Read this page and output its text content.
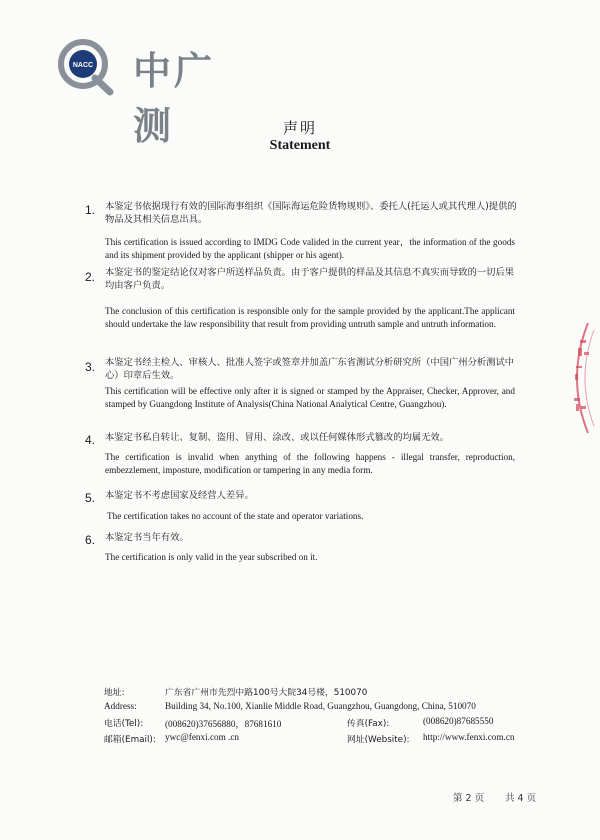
NACC 中广测	声明
Statement
1. 本鉴定书依据现行有效的国际海事组织《国际海运危险货物规则》、委托人(托运人或其代理人)提供的物品及其相关信息出具。
This certification is issued according to IMDG Code valided in the current year，the information of the goods and its shipment provided by the applicant (shipper or his agent).
2. 本鉴定书的鉴定结论仅对客户所送样品负责。由于客户提供的样品及其信息不真实而导致的一切后果均由客户负责。
The conclusion of this certification is responsible only for the sample provided by the applicant.The applicant should undertake the law responsibility that result from providing untruth sample and untruth information.
3. 本鉴定书经主检人、审核人、批准人签字或签章并加盖广东省测试分析研究所（中国广州分析测试中心）印章后生效。
This certification will be effective only after it is signed or stamped by the Appraiser, Checker, Approver, and stamped by Guangdong Institute of Analysis(China National Analytical Centre, Guangzhou).
4. 本鉴定书私自转让、复制、盗用、冒用、涂改、或以任何媒体形式篡改的均属无效。
The certification is invalid when anything of the following happens - illegal transfer, reproduction, embezzlement, imposture, modification or tampering in any media form.
5. 本鉴定书不考虑国家及经营人差异。
The certification takes no account of the state and operator variations.
6. 本鉴定书当年有效。
The certification is only valid in the year subscribed on it.
地址:	广东省广州市先烈中路100号大院34号楼，510070
Address:	Building 34, No.100, Xianlie Middle Road, Guangzhou, Guangdong, China, 510070
电话(Tel): (008620)37656880，87681610	传真(Fax):	(008620)87685550
邮箱(Email): ywc@fenxi.com .cn	网址(Website): http://www.fenxi.com.cn
第 2 页 共 4 页
